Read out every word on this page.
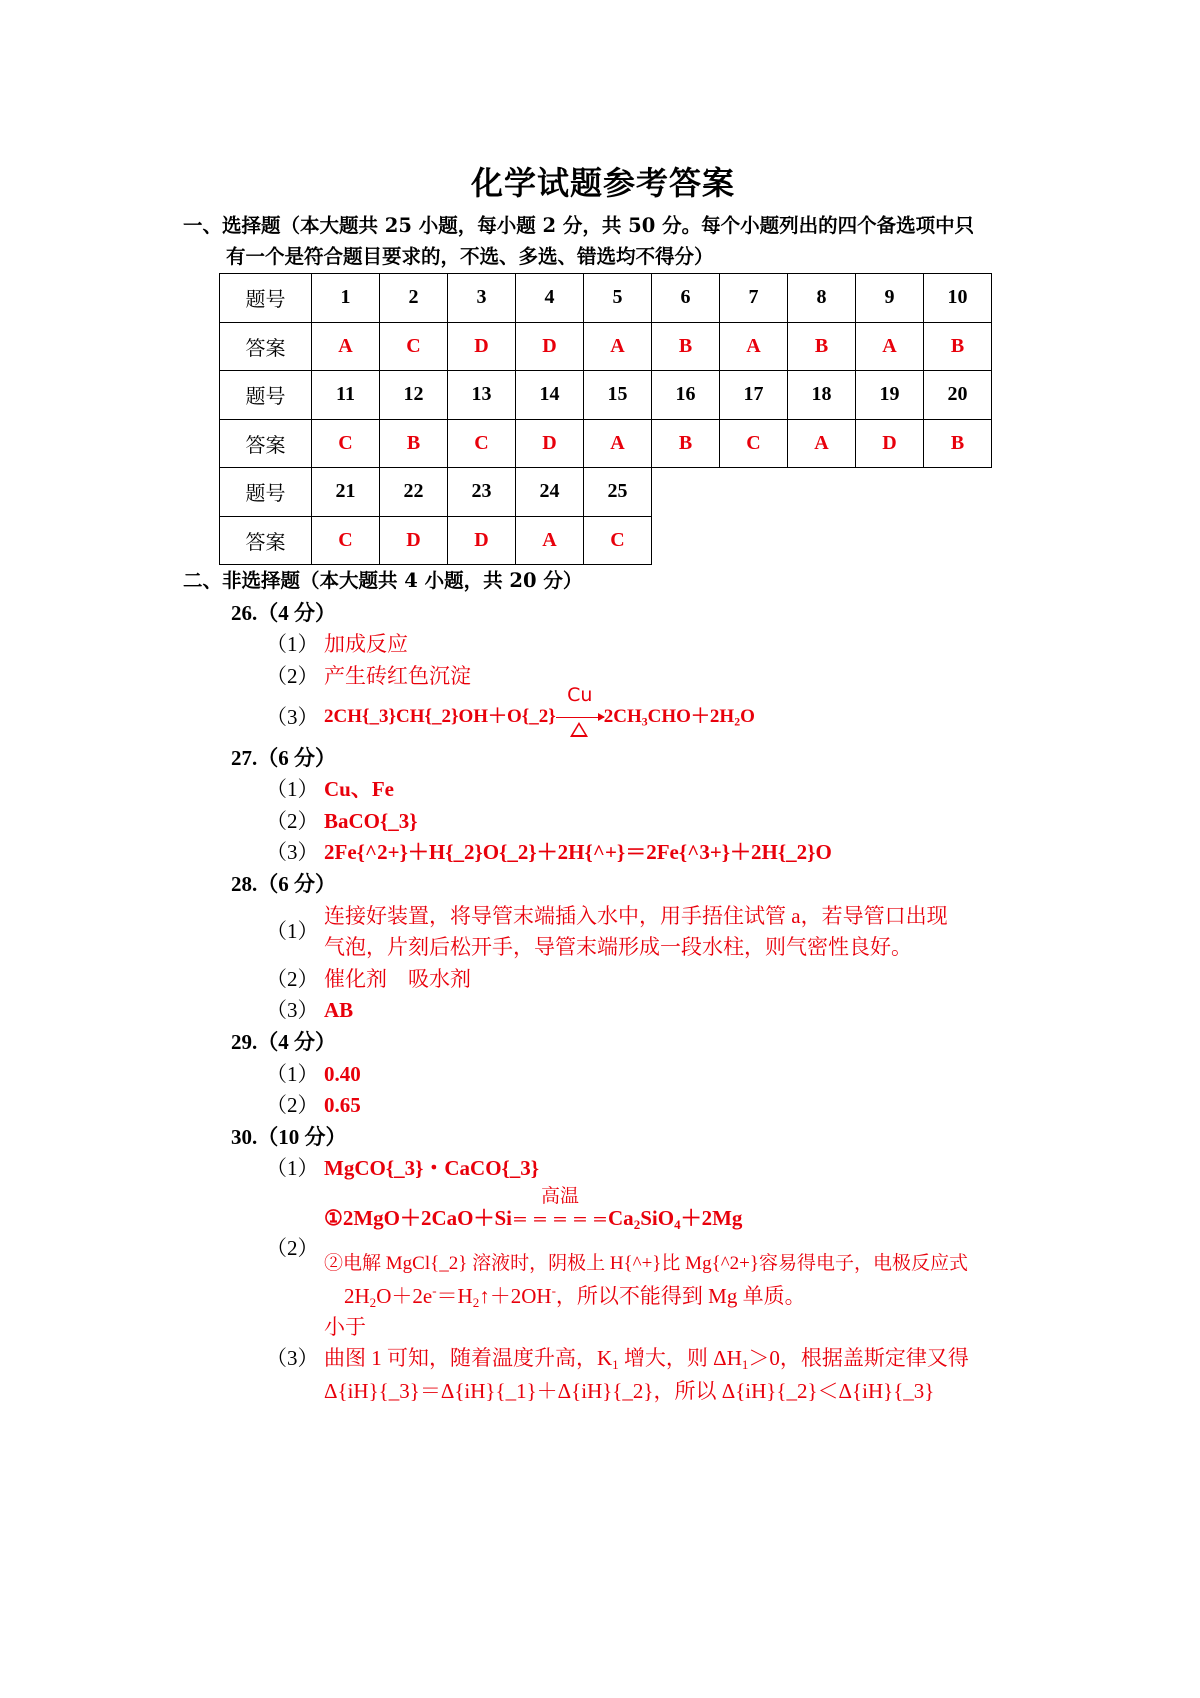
化学试题参考答案
一、选择题（本大题共 25 小题，每小题 2 分，共 50 分。每个小题列出的四个备选项中只
有一个是符合题目要求的，不选、多选、错选均不得分）
题号	1	2	3	4	5	6	7	8	9	10
答案	A	C	D	D	A	B	A	B	A	B
题号	11	12	13	14	15	16	17	18	19	20
答案	C	B	C	D	A	B	C	A	D	B
题号	21	22	23	24	25					
答案	C	D	D	A	C					
二、非选择题（本大题共 4 小题，共 20 分）
26.（4 分）
（1） 加成反应
（2） 产生砖红色沉淀
（3） 2CH{_3}CH{_2}OH＋O{_2}
Cu
$2CH_3CHO+2H_2O$
27.（6 分）
（1） Cu、Fe
（2） BaCO{_3}
（3） 2Fe{^2+}＋H{_2}O{_2}＋2H{^+}＝2Fe{^3+}＋2H{_2}O
28.（6 分）
（1）
连接好装置，将导管末端插入水中，用手捂住试管 a，若导管口出现
气泡，片刻后松开手，导管末端形成一段水柱，则气密性良好。
（2） 催化剂　吸水剂
（3） AB
29.（4 分）
（1） 0.40
（2） 0.65
30.（10 分）
（1） MgCO{_3}・CaCO{_3}
①2MgO＋2CaO＋Si
高温
＝ ＝ ＝ ＝ $=Ca_2SiO_4+2Mg$
（2）
②电解 MgCl{_2} 溶液时，阴极上 H{^+}比 Mg{^2+}容易得电子，电极反应式
$2H_2O+2e^-=H_2↑+2OH^-$，所以不能得到 Mg 单质。
小于
（3） 曲图 1 可知，随着温度升高，$K_1$ 增大，则 $\Delta H_1>0$，根据盖斯定律又得
Δ{iH}{_3}＝Δ{iH}{_1}＋Δ{iH}{_2}，所以 Δ{iH}{_2}＜Δ{iH}{_3}
